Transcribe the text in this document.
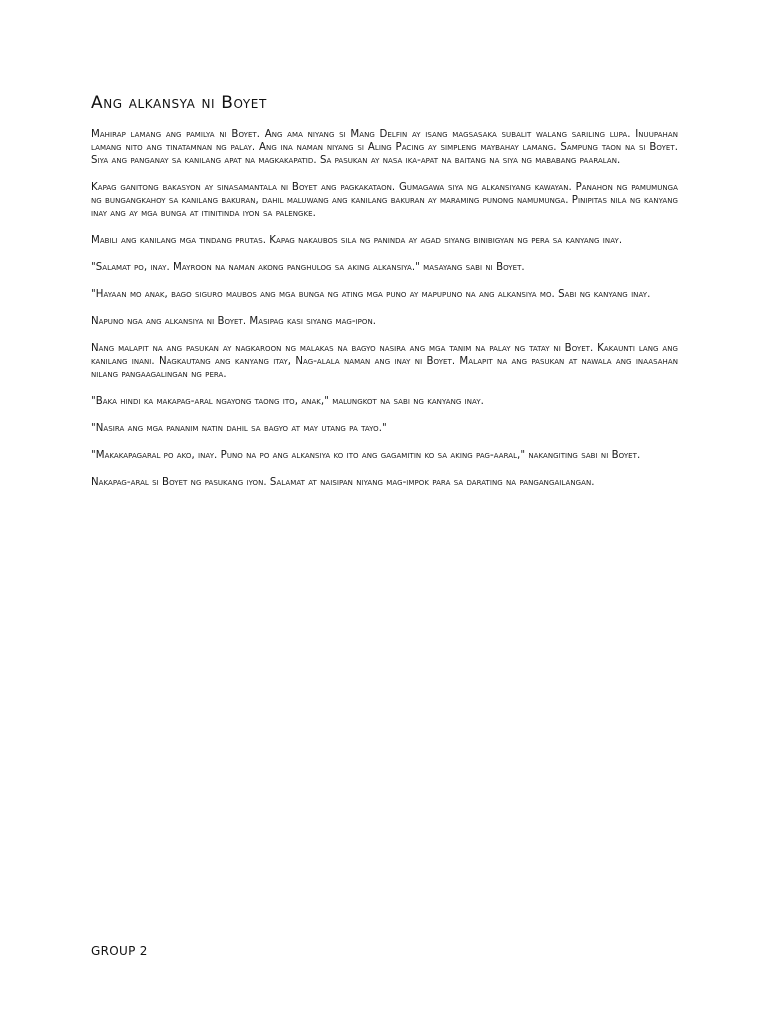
Ang alkansya ni Boyet

Mahirap lamang ang pamilya ni Boyet. Ang ama niyang si Mang Delfin ay isang magsasaka subalit walang sariling lupa. Inuupahan lamang nito ang tinatamnan ng palay. Ang ina naman niyang si Aling Pacing ay simpleng maybahay lamang. Sampung taon na si Boyet. Siya ang panganay sa kanilang apat na magkakapatid. Sa pasukan ay nasa ika-apat na baitang na siya ng mababang paaralan.

Kapag ganitong bakasyon ay sinasamantala ni Boyet ang pagkakataon. Gumagawa siya ng alkansiyang kawayan. Panahon ng pamumunga ng bungangkahoy sa kanilang bakuran, dahil maluwang ang kanilang bakuran ay maraming punong namumunga. Pinipitas nila ng kanyang inay ang ay mga bunga at itinitinda iyon sa palengke.

Mabili ang kanilang mga tindang prutas. Kapag nakaubos sila ng paninda ay agad siyang binibigyan ng pera sa kanyang inay.

"Salamat po, inay. Mayroon na naman akong panghulog sa aking alkansiya." masayang sabi ni Boyet.

"Hayaan mo anak, bago siguro maubos ang mga bunga ng ating mga puno ay mapupuno na ang alkansiya mo. Sabi ng kanyang inay.

Napuno nga ang alkansiya ni Boyet. Masipag kasi siyang mag-ipon.

Nang malapit na ang pasukan ay nagkaroon ng malakas na bagyo nasira ang mga tanim na palay ng tatay ni Boyet. Kakaunti lang ang kanilang inani. Nagkautang ang kanyang itay, Nag-alala naman ang inay ni Boyet. Malapit na ang pasukan at nawala ang inaasahan nilang pangaagalingan ng pera.

"Baka hindi ka makapag-aral ngayong taong ito, anak," malungkot na sabi ng kanyang inay.

"Nasira ang mga pananim natin dahil sa bagyo at may utang pa tayo."

"Makakapagaral po ako, inay. Puno na po ang alkansiya ko ito ang gagamitin ko sa aking pag-aaral," nakangiting sabi ni Boyet.

Nakapag-aral si Boyet ng pasukang iyon. Salamat at naisipan niyang mag-impok para sa darating na pangangailangan.

GROUP 2
